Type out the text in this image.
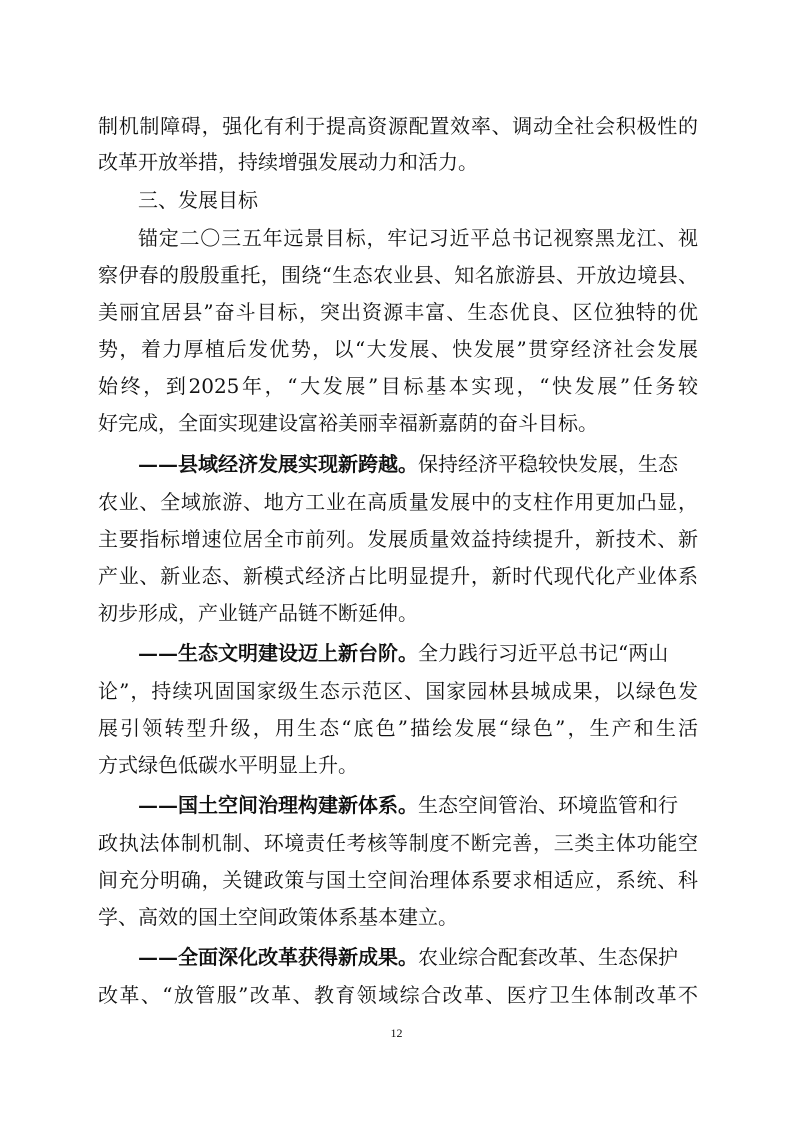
制机制障碍，强化有利于提高资源配置效率、调动全社会积极性的
改革开放举措，持续增强发展动力和活力。
三、发展目标
锚定二〇三五年远景目标，牢记习近平总书记视察黑龙江、视
察伊春的殷殷重托，围绕“生态农业县、知名旅游县、开放边境县、
美丽宜居县”奋斗目标，突出资源丰富、生态优良、区位独特的优
势，着力厚植后发优势，以“大发展、快发展”贯穿经济社会发展
始终，到2025年，“大发展”目标基本实现，“快发展”任务较
好完成，全面实现建设富裕美丽幸福新嘉荫的奋斗目标。
——县域经济发展实现新跨越。保持经济平稳较快发展，生态
农业、全域旅游、地方工业在高质量发展中的支柱作用更加凸显，
主要指标增速位居全市前列。发展质量效益持续提升，新技术、新
产业、新业态、新模式经济占比明显提升，新时代现代化产业体系
初步形成，产业链产品链不断延伸。
——生态文明建设迈上新台阶。全力践行习近平总书记“两山
论”，持续巩固国家级生态示范区、国家园林县城成果，以绿色发
展引领转型升级，用生态“底色”描绘发展“绿色”，生产和生活
方式绿色低碳水平明显上升。
——国土空间治理构建新体系。生态空间管治、环境监管和行
政执法体制机制、环境责任考核等制度不断完善，三类主体功能空
间充分明确，关键政策与国土空间治理体系要求相适应，系统、科
学、高效的国土空间政策体系基本建立。
——全面深化改革获得新成果。农业综合配套改革、生态保护
改革、“放管服”改革、教育领域综合改革、医疗卫生体制改革不
12
